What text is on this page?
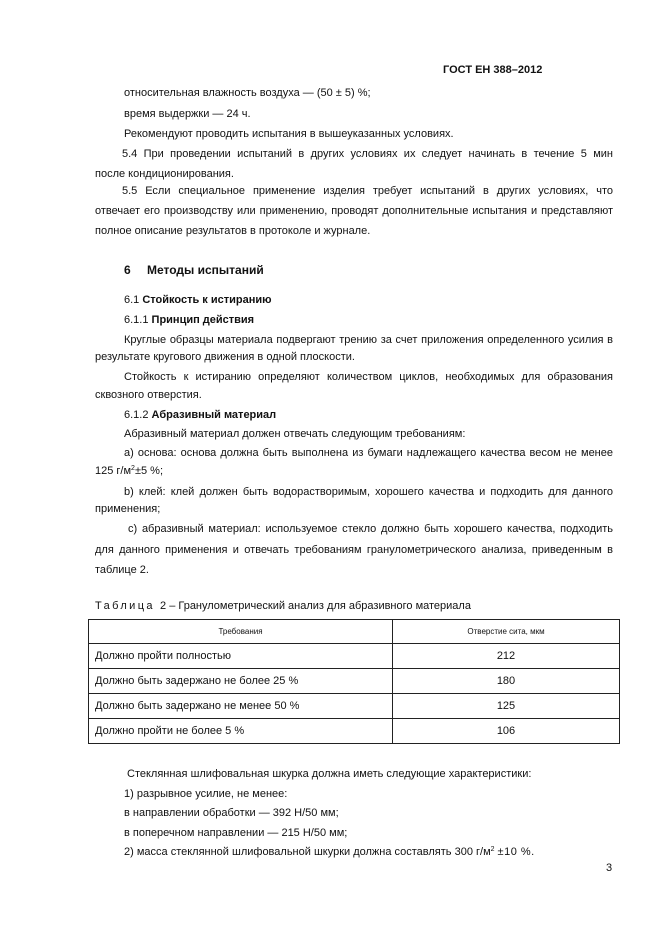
ГОСТ ЕН 388–2012
относительная влажность воздуха — (50 ± 5) %;
время выдержки — 24 ч.
Рекомендуют проводить испытания в вышеуказанных условиях.
5.4 При проведении испытаний в других условиях их следует начинать в течение 5 мин
после кондиционирования.
5.5 Если специальное применение изделия требует испытаний в других условиях, что
отвечает его производству или применению, проводят дополнительные испытания и представляют
полное описание результатов в протоколе и журнале.
6 Методы испытаний
6.1 Стойкость к истиранию
6.1.1 Принцип действия
Круглые образцы материала подвергают трению за счет приложения определенного усилия в
результате кругового движения в одной плоскости.
Стойкость к истиранию определяют количеством циклов, необходимых для образования
сквозного отверстия.
6.1.2 Абразивный материал
Абразивный материал должен отвечать следующим требованиям:
а) основа: основа должна быть выполнена из бумаги надлежащего качества весом не менее
125 $г/м^2\pm 5$ %;
b) клей: клей должен быть водорастворимым, хорошего качества и подходить для данного
применения;
с) абразивный материал: используемое стекло должно быть хорошего качества, подходить
для данного применения и отвечать требованиям гранулометрического анализа, приведенным в
таблице 2.
Таблица 2 – Гранулометрический анализ для абразивного материала
Требования	Отверстие сита, мкм
Должно пройти полностью	212
Должно быть задержано не более 25 %	180
Должно быть задержано не менее 50 %	125
Должно пройти не более 5 %	106
Стеклянная шлифовальная шкурка должна иметь следующие характеристики:
1) разрывное усилие, не менее:
в направлении обработки — 392 Н/50 мм;
в поперечном направлении — 215 Н/50 мм;
2) масса стеклянной шлифовальной шкурки должна составлять 300 $г/м^2 \pm 10$ %.
3
